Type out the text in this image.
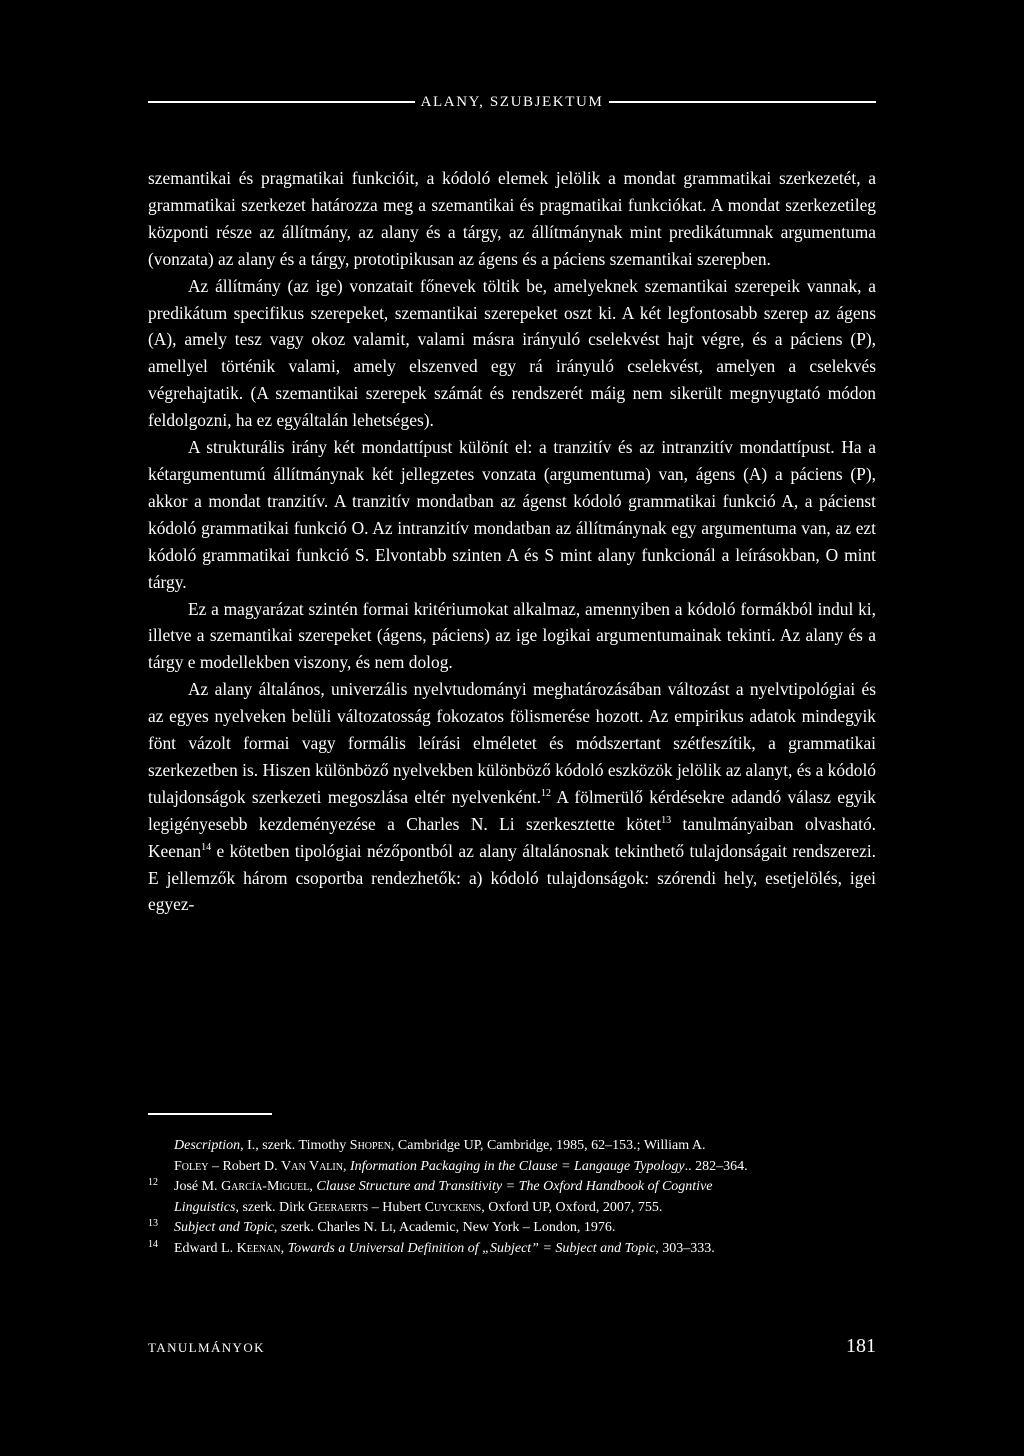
ALANY, SZUBJEKTUM

szemantikai és pragmatikai funkcióit, a kódoló elemek jelölik a mondat grammatikai szerkezetét, a grammatikai szerkezet határozza meg a szemantikai és pragmatikai funkciókat. A mondat szerkezetileg központi része az állítmány, az alany és a tárgy, az állítmánynak mint predikátumnak argumentuma (vonzata) az alany és a tárgy, prototipikusan az ágens és a páciens szemantikai szerepben.

Az állítmány (az ige) vonzatait főnevek töltik be, amelyeknek szemantikai szerepeik vannak, a predikátum specifikus szerepeket, szemantikai szerepeket oszt ki. A két legfontosabb szerep az ágens (A), amely tesz vagy okoz valamit, valami másra irányuló cselekvést hajt végre, és a páciens (P), amellyel történik valami, amely elszenved egy rá irányuló cselekvést, amelyen a cselekvés végrehajtatik. (A szemantikai szerepek számát és rendszerét máig nem sikerült megnyugtató módon feldolgozni, ha ez egyáltalán lehetséges).

A strukturális irány két mondattípust különít el: a tranzitív és az intranzitív mondattípust. Ha a kétargumentumú állítmánynak két jellegzetes vonzata (argumentuma) van, ágens (A) a páciens (P), akkor a mondat tranzitív. A tranzitív mondatban az ágenst kódoló grammatikai funkció A, a pácienst kódoló grammatikai funkció O. Az intranzitív mondatban az állítmánynak egy argumentuma van, az ezt kódoló grammatikai funkció S. Elvontabb szinten A és S mint alany funkcionál a leírásokban, O mint tárgy.

Ez a magyarázat szintén formai kritériumokat alkalmaz, amennyiben a kódoló formákból indul ki, illetve a szemantikai szerepeket (ágens, páciens) az ige logikai argumentumainak tekinti. Az alany és a tárgy e modellekben viszony, és nem dolog.

Az alany általános, univerzális nyelvtudományi meghatározásában változást a nyelvtipológiai és az egyes nyelveken belüli változatosság fokozatos fölismerése hozott. Az empirikus adatok mindegyik fönt vázolt formai vagy formális leírási elméletet és módszertant szétfeszítik, a grammatikai szerkezetben is. Hiszen különböző nyelvekben különböző kódoló eszközök jelölik az alanyt, és a kódoló tulajdonságok szerkezeti megoszlása eltér nyelvenként.$^{12}$ A fölmerülő kérdésekre adandó válasz egyik legigényesebb kezdeményezése a Charles N. Li szerkesztette kötet$^{13}$ tanulmányaiban olvasható. Keenan$^{14}$ e kötetben tipológiai nézőpontból az alany általánosnak tekinthető tulajdonságait rendszerezi. E jellemzők három csoportba rendezhetők: a) kódoló tulajdonságok: szórendi hely, esetjelölés, igei egyez-

Description, I., szerk. Timothy Shopen, Cambridge UP, Cambridge, 1985, 62–153.; William A.
Foley – Robert D. Van Valin, Information Packaging in the Clause = Langauge Typology.. 282–364.
12	José M. García-Miguel, Clause Structure and Transitivity = The Oxford Handbook of Cogntive
Linguistics, szerk. Dirk Geeraerts – Hubert Cuyckens, Oxford UP, Oxford, 2007, 755.
13	Subject and Topic, szerk. Charles N. Li, Academic, New York – London, 1976.
14	Edward L. Keenan, Towards a Universal Definition of „Subject” = Subject and Topic, 303–333.
TANULMÁNYOK	181
